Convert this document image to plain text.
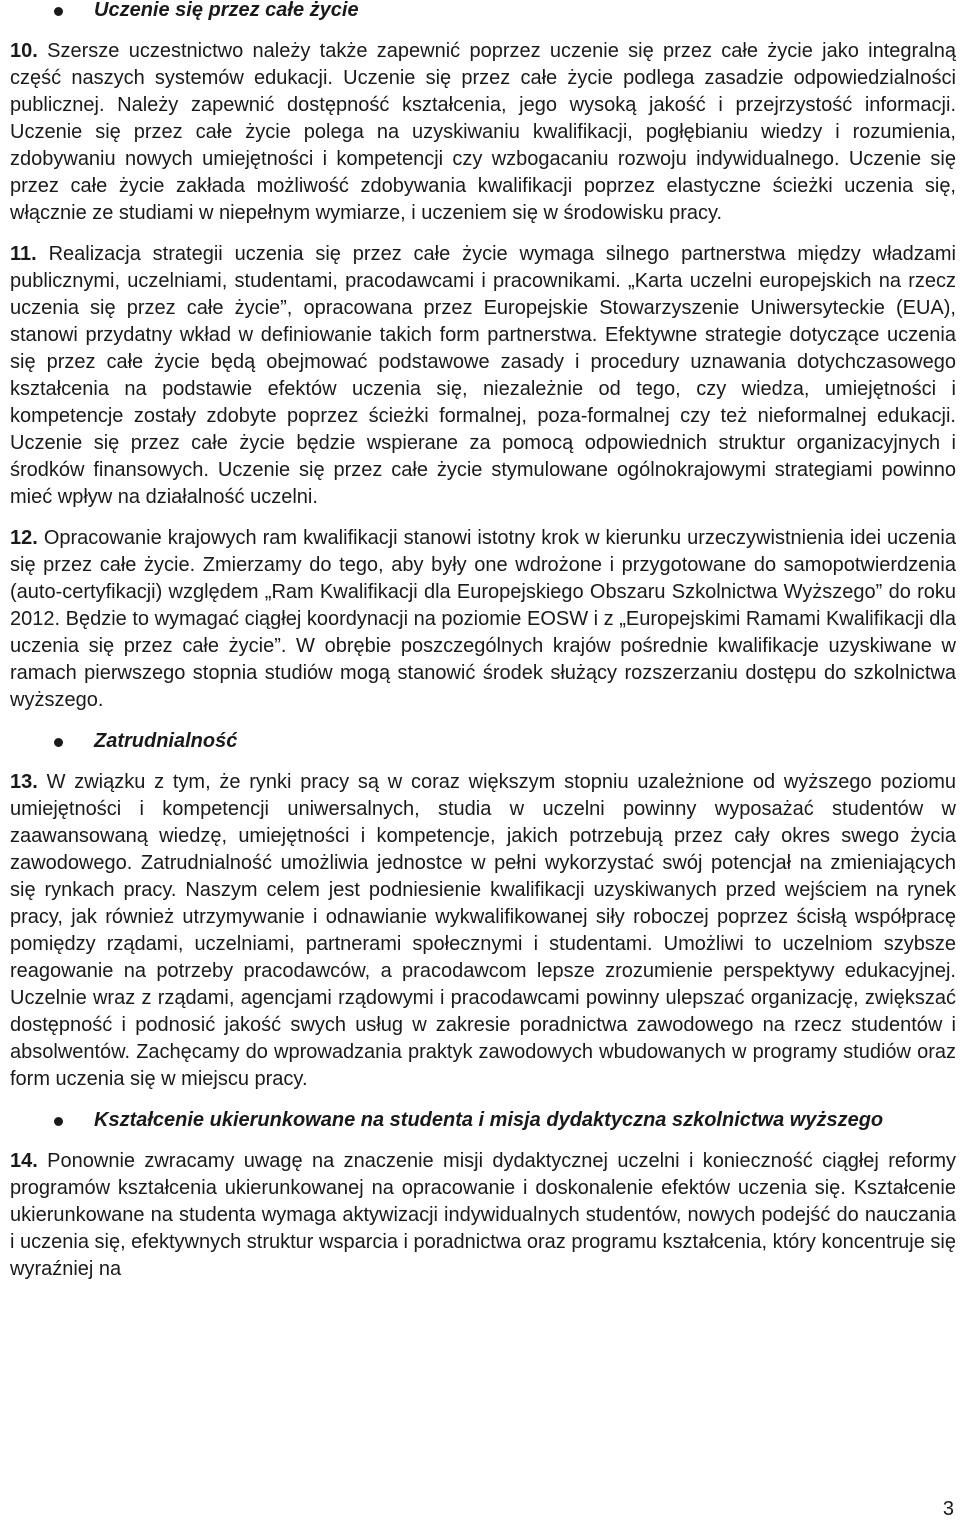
Uczenie się przez całe życie

10. Szersze uczestnictwo należy także zapewnić poprzez uczenie się przez całe życie jako integralną część naszych systemów edukacji. Uczenie się przez całe życie podlega zasadzie odpowiedzialności publicznej. Należy zapewnić dostępność kształcenia, jego wysoką jakość i przejrzystość informacji. Uczenie się przez całe życie polega na uzyskiwaniu kwalifikacji, pogłębianiu wiedzy i rozumienia, zdobywaniu nowych umiejętności i kompetencji czy wzbogacaniu rozwoju indywidualnego. Uczenie się przez całe życie zakłada możliwość zdobywania kwalifikacji poprzez elastyczne ścieżki uczenia się, włącznie ze studiami w niepełnym wymiarze, i uczeniem się w środowisku pracy.

11. Realizacja strategii uczenia się przez całe życie wymaga silnego partnerstwa między władzami publicznymi, uczelniami, studentami, pracodawcami i pracownikami. „Karta uczelni europejskich na rzecz uczenia się przez całe życie”, opracowana przez Europejskie Stowarzyszenie Uniwersyteckie (EUA), stanowi przydatny wkład w definiowanie takich form partnerstwa. Efektywne strategie dotyczące uczenia się przez całe życie będą obejmować podstawowe zasady i procedury uznawania dotychczasowego kształcenia na podstawie efektów uczenia się, niezależnie od tego, czy wiedza, umiejętności i kompetencje zostały zdobyte poprzez ścieżki formalnej, poza-formalnej czy też nieformalnej edukacji. Uczenie się przez całe życie będzie wspierane za pomocą odpowiednich struktur organizacyjnych i środków finansowych. Uczenie się przez całe życie stymulowane ogólnokrajowymi strategiami powinno mieć wpływ na działalność uczelni.

12. Opracowanie krajowych ram kwalifikacji stanowi istotny krok w kierunku urzeczywistnienia idei uczenia się przez całe życie. Zmierzamy do tego, aby były one wdrożone i przygotowane do samopotwierdzenia (auto-certyfikacji) względem „Ram Kwalifikacji dla Europejskiego Obszaru Szkolnictwa Wyższego” do roku 2012. Będzie to wymagać ciągłej koordynacji na poziomie EOSW i z „Europejskimi Ramami Kwalifikacji dla uczenia się przez całe życie”. W obrębie poszczególnych krajów pośrednie kwalifikacje uzyskiwane w ramach pierwszego stopnia studiów mogą stanowić środek służący rozszerzaniu dostępu do szkolnictwa wyższego.

Zatrudnialność

13. W związku z tym, że rynki pracy są w coraz większym stopniu uzależnione od wyższego poziomu umiejętności i kompetencji uniwersalnych, studia w uczelni powinny wyposażać studentów w zaawansowaną wiedzę, umiejętności i kompetencje, jakich potrzebują przez cały okres swego życia zawodowego. Zatrudnialność umożliwia jednostce w pełni wykorzystać swój potencjał na zmieniających się rynkach pracy. Naszym celem jest podniesienie kwalifikacji uzyskiwanych przed wejściem na rynek pracy, jak również utrzymywanie i odnawianie wykwalifikowanej siły roboczej poprzez ścisłą współpracę pomiędzy rządami, uczelniami, partnerami społecznymi i studentami. Umożliwi to uczelniom szybsze reagowanie na potrzeby pracodawców, a pracodawcom lepsze zrozumienie perspektywy edukacyjnej. Uczelnie wraz z rządami, agencjami rządowymi i pracodawcami powinny ulepszać organizację, zwiększać dostępność i podnosić jakość swych usług w zakresie poradnictwa zawodowego na rzecz studentów i absolwentów. Zachęcamy do wprowadzania praktyk zawodowych wbudowanych w programy studiów oraz form uczenia się w miejscu pracy.

Kształcenie ukierunkowane na studenta i misja dydaktyczna szkolnictwa wyższego

14. Ponownie zwracamy uwagę na znaczenie misji dydaktycznej uczelni i konieczność ciągłej reformy programów kształcenia ukierunkowanej na opracowanie i doskonalenie efektów uczenia się. Kształcenie ukierunkowane na studenta wymaga aktywizacji indywidualnych studentów, nowych podejść do nauczania i uczenia się, efektywnych struktur wsparcia i poradnictwa oraz programu kształcenia, który koncentruje się wyraźniej na

3
